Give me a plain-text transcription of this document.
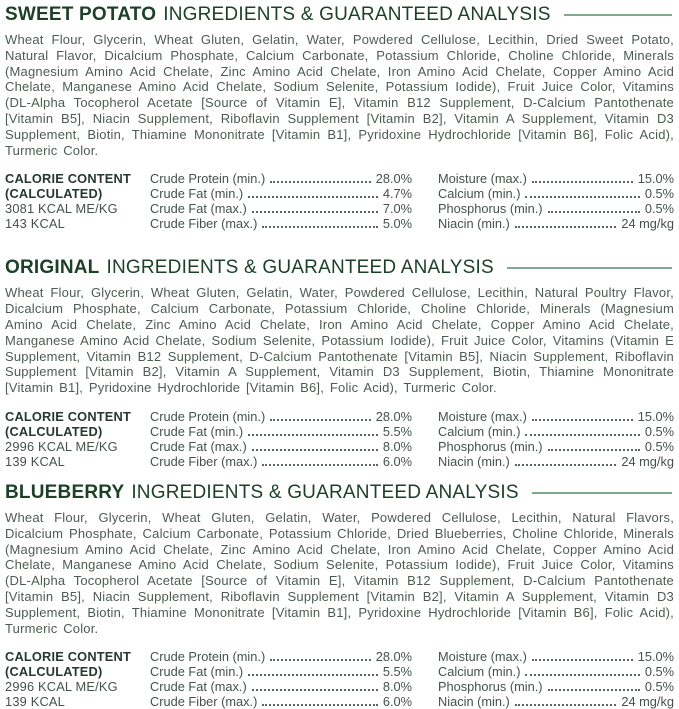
SWEET POTATO INGREDIENTS & GUARANTEED ANALYSIS

Wheat Flour, Glycerin, Wheat Gluten, Gelatin, Water, Powdered Cellulose, Lecithin, Dried Sweet Potato, Natural Flavor, Dicalcium Phosphate, Calcium Carbonate, Potassium Chloride, Choline Chloride, Minerals (Magnesium Amino Acid Chelate, Zinc Amino Acid Chelate, Iron Amino Acid Chelate, Copper Amino Acid Chelate, Manganese Amino Acid Chelate, Sodium Selenite, Potassium Iodide), Fruit Juice Color, Vitamins (DL-Alpha Tocopherol Acetate [Source of Vitamin E], Vitamin B12 Supplement, D-Calcium Pantothenate [Vitamin B5], Niacin Supplement, Riboflavin Supplement [Vitamin B2], Vitamin A Supplement, Vitamin D3 Supplement, Biotin, Thiamine Mononitrate [Vitamin B1], Pyridoxine Hydrochloride [Vitamin B6], Folic Acid), Turmeric Color.

CALORIE CONTENT
(CALCULATED)
3081 KCAL ME/KG
143 KCAL
Crude Protein (min.)	28.0%
Crude Fat (min.)	4.7%
Crude Fat (max.)	7.0%
Crude Fiber (max.)	5.0%
Moisture (max.)	15.0%
Calcium (min.)	0.5%
Phosphorus (min.)	0.5%
Niacin (min.)	24 mg/kg
ORIGINAL INGREDIENTS & GUARANTEED ANALYSIS

Wheat Flour, Glycerin, Wheat Gluten, Gelatin, Water, Powdered Cellulose, Lecithin, Natural Poultry Flavor, Dicalcium Phosphate, Calcium Carbonate, Potassium Chloride, Choline Chloride, Minerals (Magnesium Amino Acid Chelate, Zinc Amino Acid Chelate, Iron Amino Acid Chelate, Copper Amino Acid Chelate, Manganese Amino Acid Chelate, Sodium Selenite, Potassium Iodide), Fruit Juice Color, Vitamins (Vitamin E Supplement, Vitamin B12 Supplement, D-Calcium Pantothenate [Vitamin B5], Niacin Supplement, Riboflavin Supplement [Vitamin B2], Vitamin A Supplement, Vitamin D3 Supplement, Biotin, Thiamine Mononitrate [Vitamin B1], Pyridoxine Hydrochloride [Vitamin B6], Folic Acid), Turmeric Color.

CALORIE CONTENT
(CALCULATED)
2996 KCAL ME/KG
139 KCAL
Crude Protein (min.)	28.0%
Crude Fat (min.)	5.5%
Crude Fat (max.)	8.0%
Crude Fiber (max.)	6.0%
Moisture (max.)	15.0%
Calcium (min.)	0.5%
Phosphorus (min.)	0.5%
Niacin (min.)	24 mg/kg
BLUEBERRY INGREDIENTS & GUARANTEED ANALYSIS

Wheat Flour, Glycerin, Wheat Gluten, Gelatin, Water, Powdered Cellulose, Lecithin, Natural Flavors, Dicalcium Phosphate, Calcium Carbonate, Potassium Chloride, Dried Blueberries, Choline Chloride, Minerals (Magnesium Amino Acid Chelate, Zinc Amino Acid Chelate, Iron Amino Acid Chelate, Copper Amino Acid Chelate, Manganese Amino Acid Chelate, Sodium Selenite, Potassium Iodide), Fruit Juice Color, Vitamins (DL-Alpha Tocopherol Acetate [Source of Vitamin E], Vitamin B12 Supplement, D-Calcium Pantothenate [Vitamin B5], Niacin Supplement, Riboflavin Supplement [Vitamin B2], Vitamin A Supplement, Vitamin D3 Supplement, Biotin, Thiamine Mononitrate [Vitamin B1], Pyridoxine Hydrochloride [Vitamin B6], Folic Acid), Turmeric Color.

CALORIE CONTENT
(CALCULATED)
2996 KCAL ME/KG
139 KCAL
Crude Protein (min.)	28.0%
Crude Fat (min.)	5.5%
Crude Fat (max.)	8.0%
Crude Fiber (max.)	6.0%
Moisture (max.)	15.0%
Calcium (min.)	0.5%
Phosphorus (min.)	0.5%
Niacin (min.)	24 mg/kg
